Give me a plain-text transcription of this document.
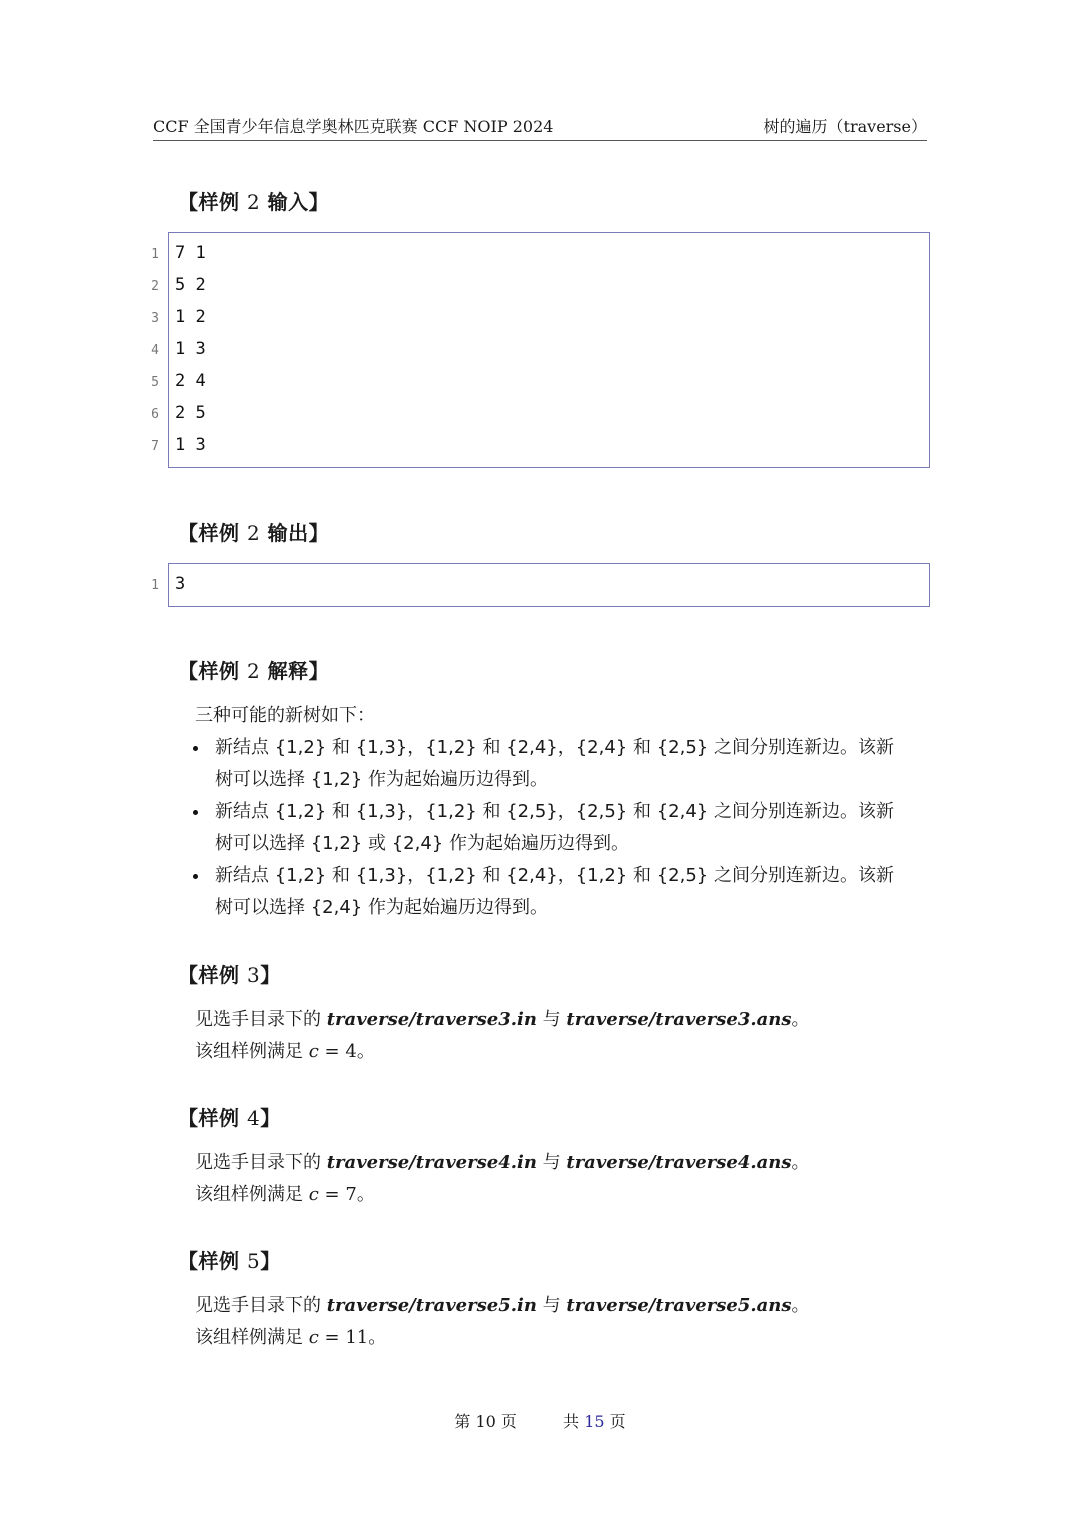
CCF 全国青少年信息学奥林匹克联赛 CCF NOIP 2024	树的遍历（traverse）
【样例 2 输入】
1 7 1
2 5 2
3 1 2
4 1 3
5 2 4
6 2 5
7 1 3
【样例 2 输出】
1 3
【样例 2 解释】
三种可能的新树如下：
新结点 {1,2} 和 {1,3}，{1,2} 和 {2,4}，{2,4} 和 {2,5} 之间分别连新边。该新
树可以选择 {1,2} 作为起始遍历边得到。
新结点 {1,2} 和 {1,3}，{1,2} 和 {2,5}，{2,5} 和 {2,4} 之间分别连新边。该新
树可以选择 {1,2} 或 {2,4} 作为起始遍历边得到。
新结点 {1,2} 和 {1,3}，{1,2} 和 {2,4}，{1,2} 和 {2,5} 之间分别连新边。该新
树可以选择 {2,4} 作为起始遍历边得到。
【样例 3】
见选手目录下的 traverse/traverse3.in 与 traverse/traverse3.ans。
该组样例满足 c = 4。
【样例 4】
见选手目录下的 traverse/traverse4.in 与 traverse/traverse4.ans。
该组样例满足 c = 7。
【样例 5】
见选手目录下的 traverse/traverse5.in 与 traverse/traverse5.ans。
该组样例满足 c = 11。
第 10 页	共 15 页
